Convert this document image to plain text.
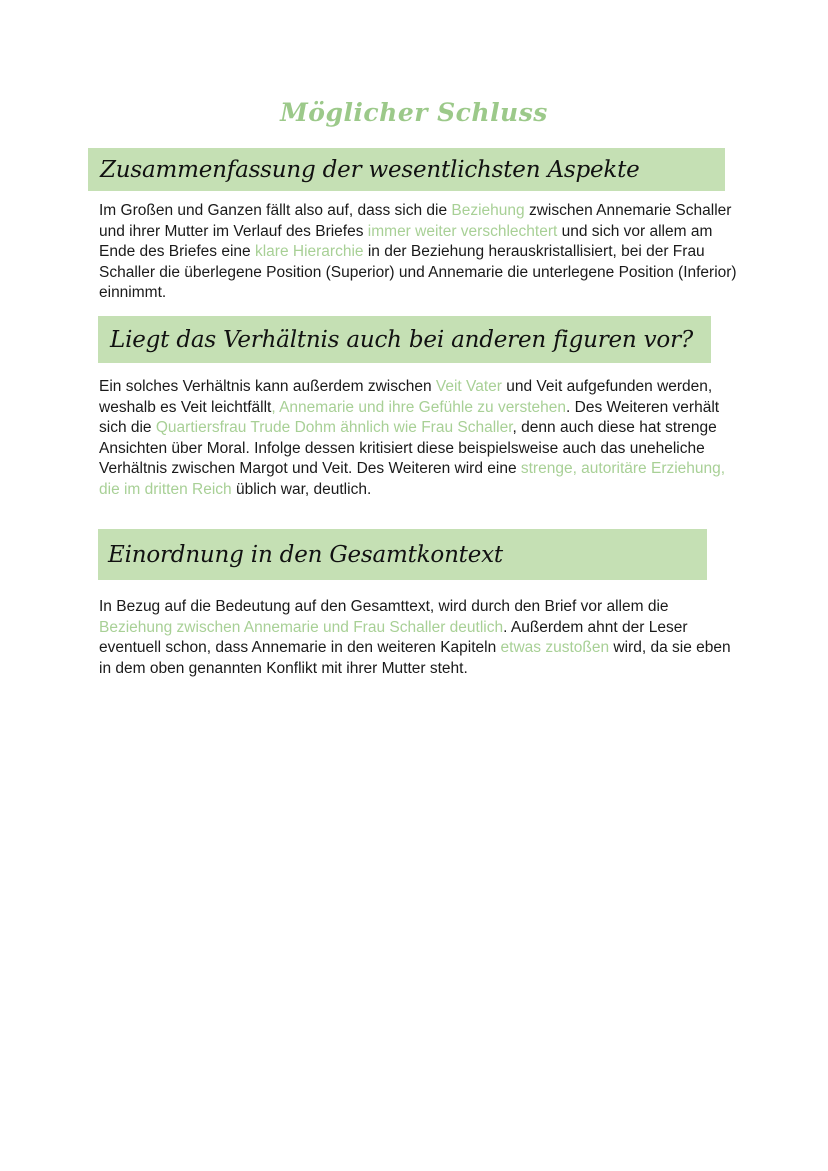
Möglicher Schluss
Zusammenfassung der wesentlichsten Aspekte

Im Großen und Ganzen fällt also auf, dass sich die Beziehung zwischen Annemarie Schaller und ihrer Mutter im Verlauf des Briefes immer weiter verschlechtert und sich vor allem am Ende des Briefes eine klare Hierarchie in der Beziehung herauskristallisiert, bei der Frau Schaller die überlegene Position (Superior) und Annemarie die unterlegene Position (Inferior) einnimmt.

Liegt das Verhältnis auch bei anderen figuren vor?

Ein solches Verhältnis kann außerdem zwischen Veit Vater und Veit aufgefunden werden, weshalb es Veit leichtfällt, Annemarie und ihre Gefühle zu verstehen. Des Weiteren verhält sich die Quartiersfrau Trude Dohm ähnlich wie Frau Schaller, denn auch diese hat strenge Ansichten über Moral. Infolge dessen kritisiert diese beispielsweise auch das uneheliche Verhältnis zwischen Margot und Veit. Des Weiteren wird eine strenge, autoritäre Erziehung, die im dritten Reich üblich war, deutlich.

Einordnung in den Gesamtkontext

In Bezug auf die Bedeutung auf den Gesamttext, wird durch den Brief vor allem die Beziehung zwischen Annemarie und Frau Schaller deutlich. Außerdem ahnt der Leser eventuell schon, dass Annemarie in den weiteren Kapiteln etwas zustoßen wird, da sie eben in dem oben genannten Konflikt mit ihrer Mutter steht.
